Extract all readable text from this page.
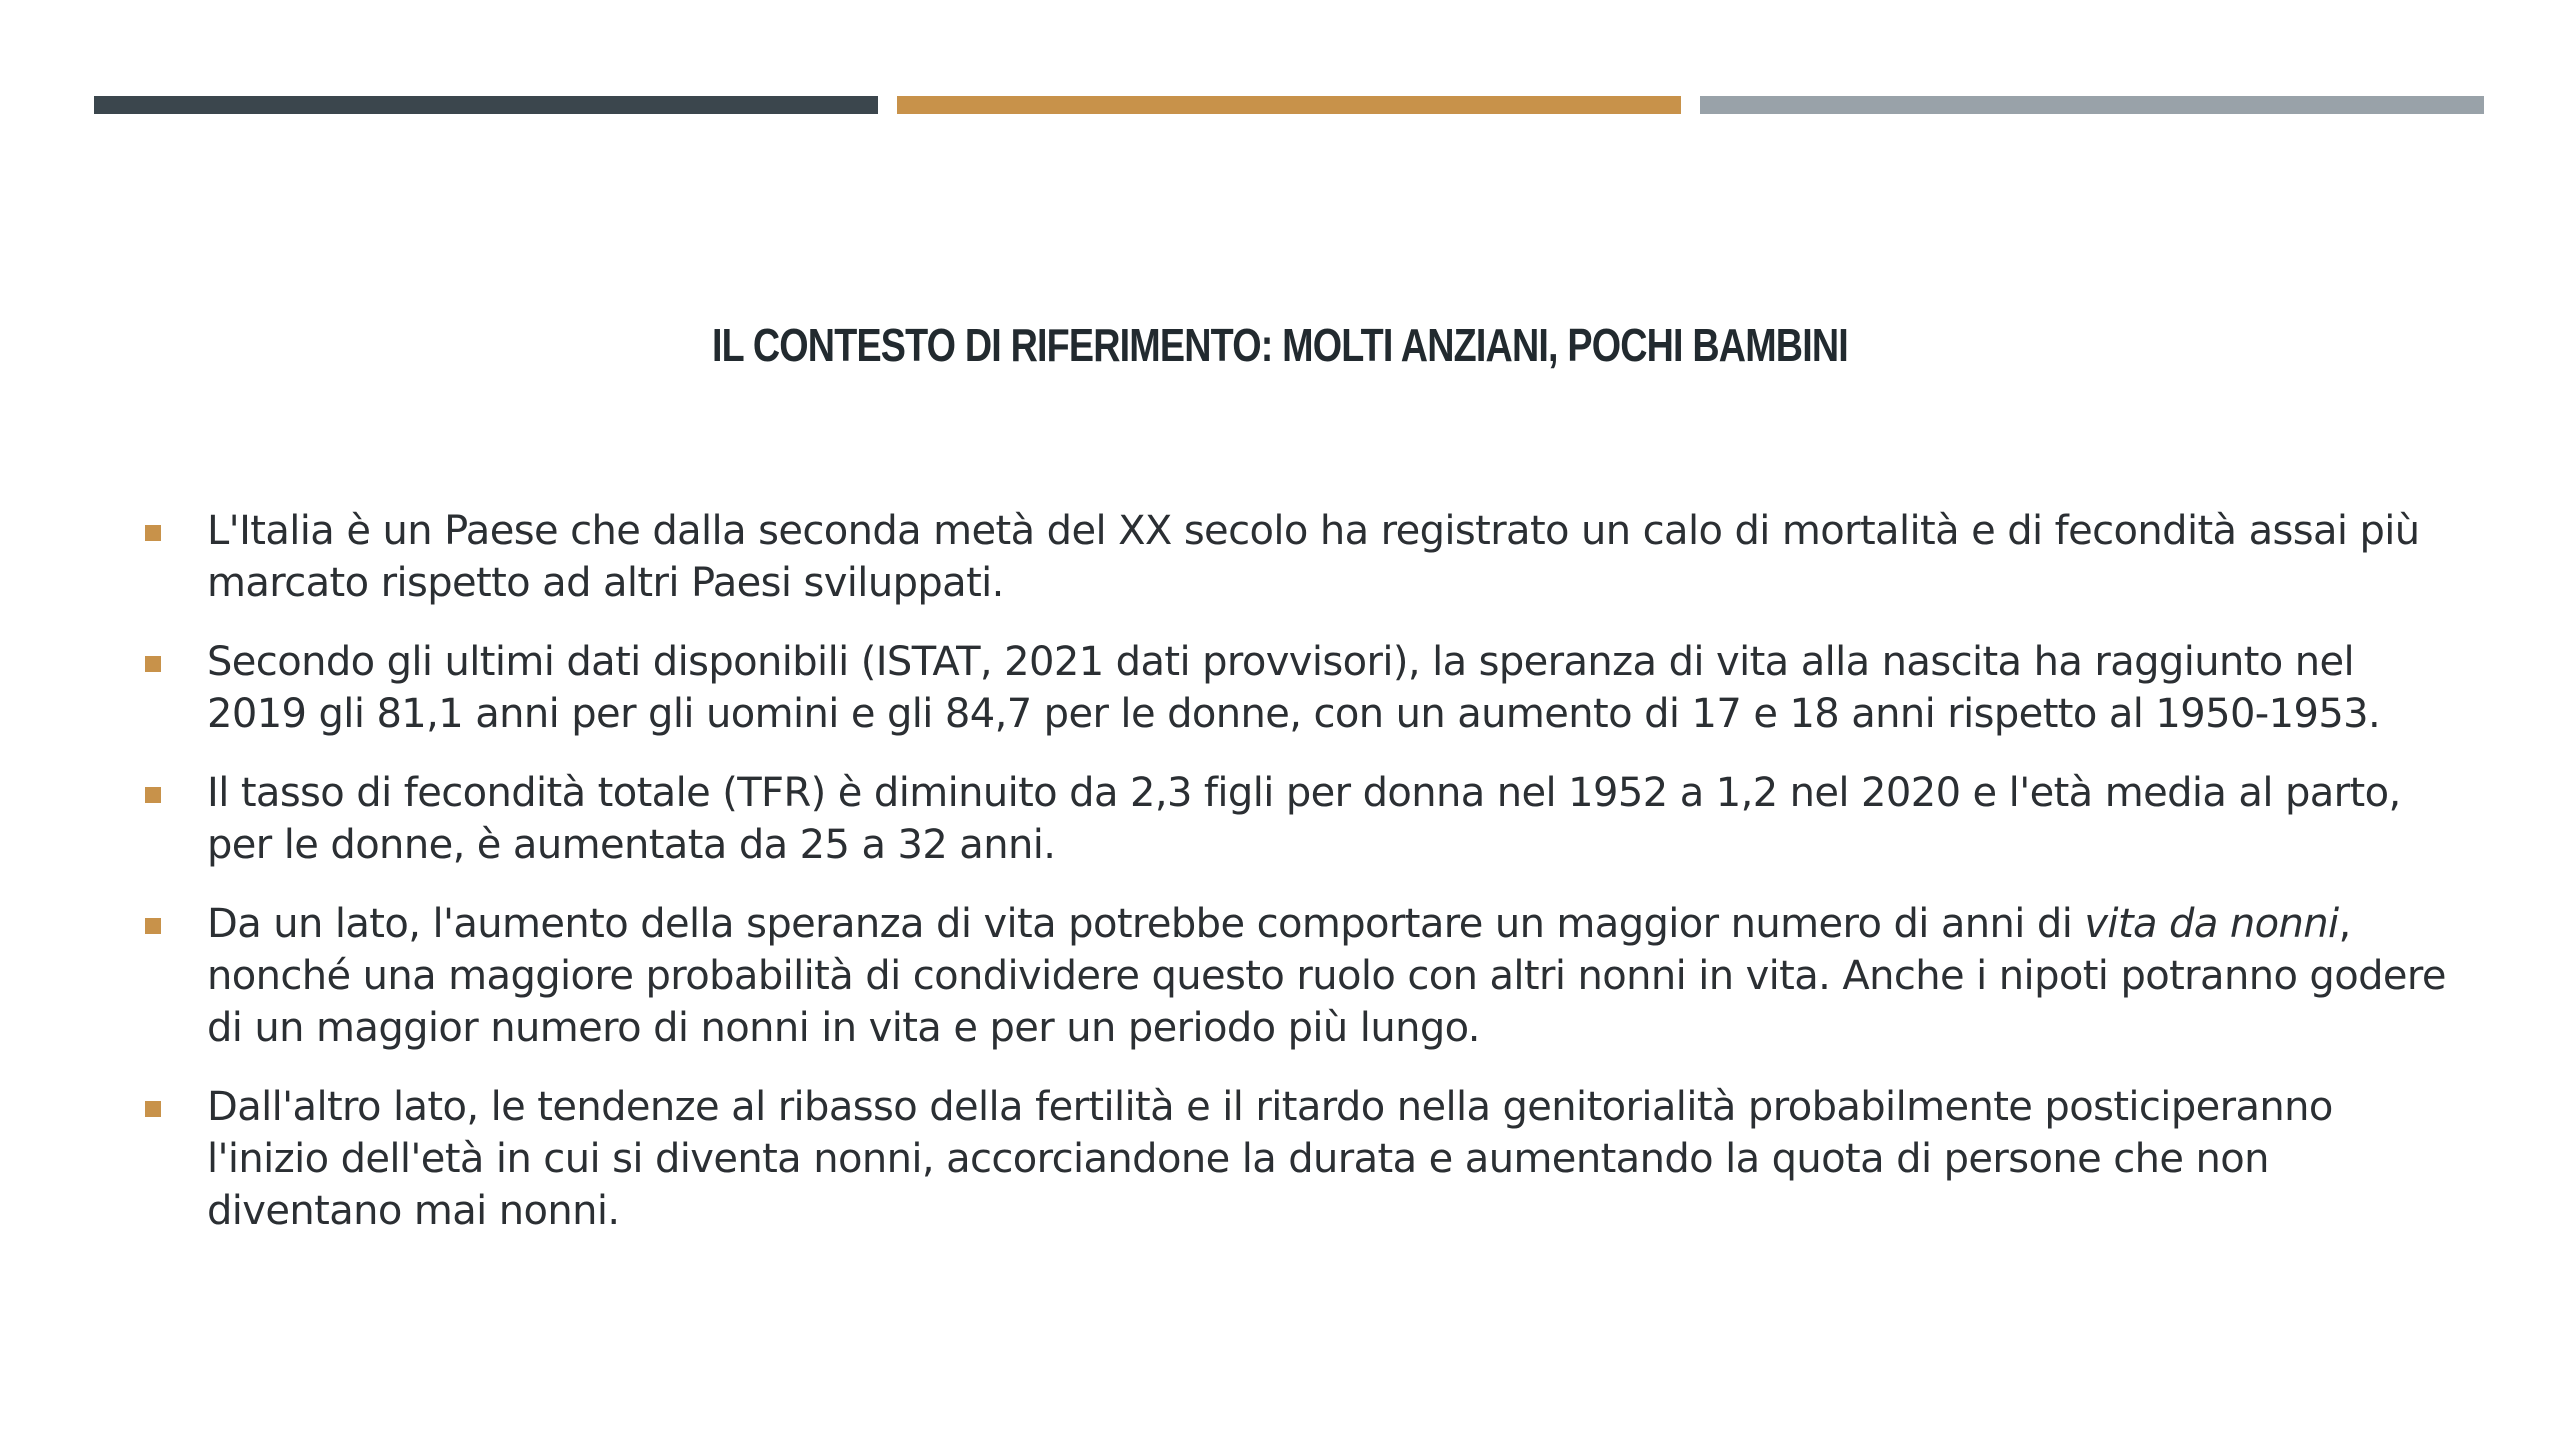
IL CONTESTO DI RIFERIMENTO: MOLTI ANZIANI, POCHI BAMBINI
L'Italia è un Paese che dalla seconda metà del XX secolo ha registrato un calo di mortalità e di fecondità assai più marcato rispetto ad altri Paesi sviluppati.
Secondo gli ultimi dati disponibili (ISTAT, 2021 dati provvisori), la speranza di vita alla nascita ha raggiunto nel 2019 gli 81,1 anni per gli uomini e gli 84,7 per le donne, con un aumento di 17 e 18 anni rispetto al 1950-1953.
Il tasso di fecondità totale (TFR) è diminuito da 2,3 figli per donna nel 1952 a 1,2 nel 2020 e l'età media al parto, per le donne, è aumentata da 25 a 32 anni.
Da un lato, l'aumento della speranza di vita potrebbe comportare un maggior numero di anni di vita da nonni, nonché una maggiore probabilità di condividere questo ruolo con altri nonni in vita. Anche i nipoti potranno godere di un maggior numero di nonni in vita e per un periodo più lungo.
Dall'altro lato, le tendenze al ribasso della fertilità e il ritardo nella genitorialità probabilmente posticiperanno l'inizio dell'età in cui si diventa nonni, accorciandone la durata e aumentando la quota di persone che non diventano mai nonni.
